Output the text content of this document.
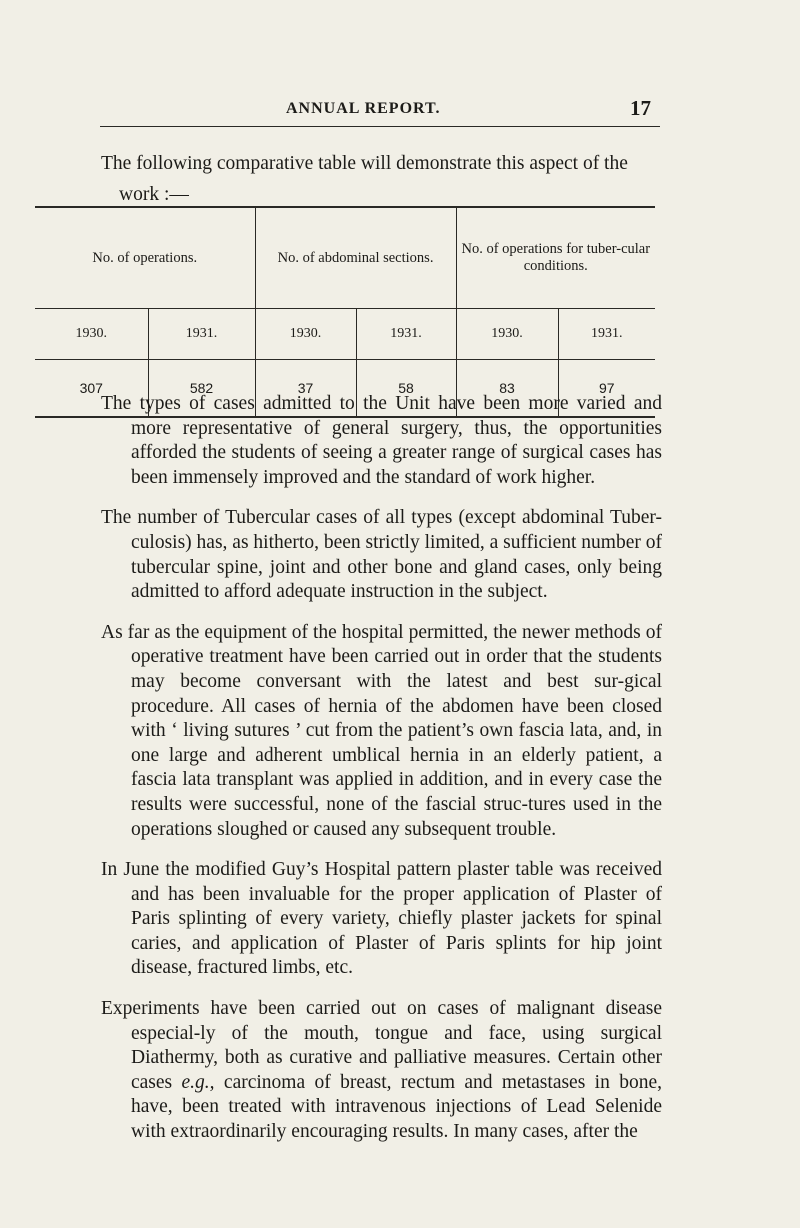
ANNUAL REPORT.	17

The following comparative table will demonstrate this aspect of the work :—

No. of operations.		No. of abdominal sections.		No. of operations for tuber-cular conditions.	
1930.	1931.	1930.	1931.	1930.	1931.
307	582	37	58	83	97

The types of cases admitted to the Unit have been more varied and more representative of general surgery, thus, the opportunities afforded the students of seeing a greater range of surgical cases has been immensely improved and the standard of work higher.

The number of Tubercular cases of all types (except abdominal Tuber-culosis) has, as hitherto, been strictly limited, a sufficient number of tubercular spine, joint and other bone and gland cases, only being admitted to afford adequate instruction in the subject.

As far as the equipment of the hospital permitted, the newer methods of operative treatment have been carried out in order that the students may become conversant with the latest and best sur-gical procedure. All cases of hernia of the abdomen have been closed with ‘ living sutures ’ cut from the patient’s own fascia lata, and, in one large and adherent umblical hernia in an elderly patient, a fascia lata transplant was applied in addition, and in every case the results were successful, none of the fascial struc-tures used in the operations sloughed or caused any subsequent trouble.

In June the modified Guy’s Hospital pattern plaster table was received and has been invaluable for the proper application of Plaster of Paris splinting of every variety, chiefly plaster jackets for spinal caries, and application of Plaster of Paris splints for hip joint disease, fractured limbs, etc.

Experiments have been carried out on cases of malignant disease especial-ly of the mouth, tongue and face, using surgical Diathermy, both as curative and palliative measures. Certain other cases e.g., carcinoma of breast, rectum and metastases in bone, have, been treated with intravenous injections of Lead Selenide with extraordinarily encouraging results. In many cases, after the
